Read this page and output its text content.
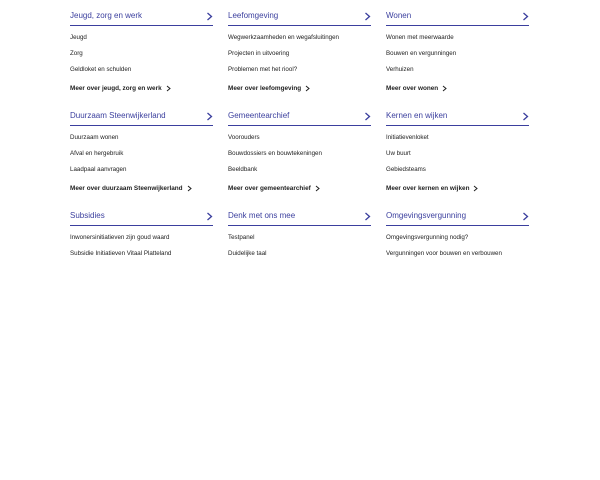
Jeugd, zorg en werk
Jeugd
Zorg
Geldloket en schulden
Meer over jeugd, zorg en werk
Leefomgeving
Wegwerkzaamheden en wegafsluitingen
Projecten in uitvoering
Problemen met het riool?
Meer over leefomgeving
Wonen
Wonen met meerwaarde
Bouwen en vergunningen
Verhuizen
Meer over wonen
Duurzaam Steenwijkerland
Duurzaam wonen
Afval en hergebruik
Laadpaal aanvragen
Meer over duurzaam Steenwijkerland
Gemeentearchief
Voorouders
Bouwdossiers en bouwtekeningen
Beeldbank
Meer over gemeentearchief
Kernen en wijken
Initiatievenloket
Uw buurt
Gebiedsteams
Meer over kernen en wijken
Subsidies
Inwonersinitiatieven zijn goud waard
Subsidie Initiatieven Vitaal Platteland
Denk met ons mee
Testpanel
Duidelijke taal
Omgevingsvergunning
Omgevingsvergunning nodig?
Vergunningen voor bouwen en verbouwen
